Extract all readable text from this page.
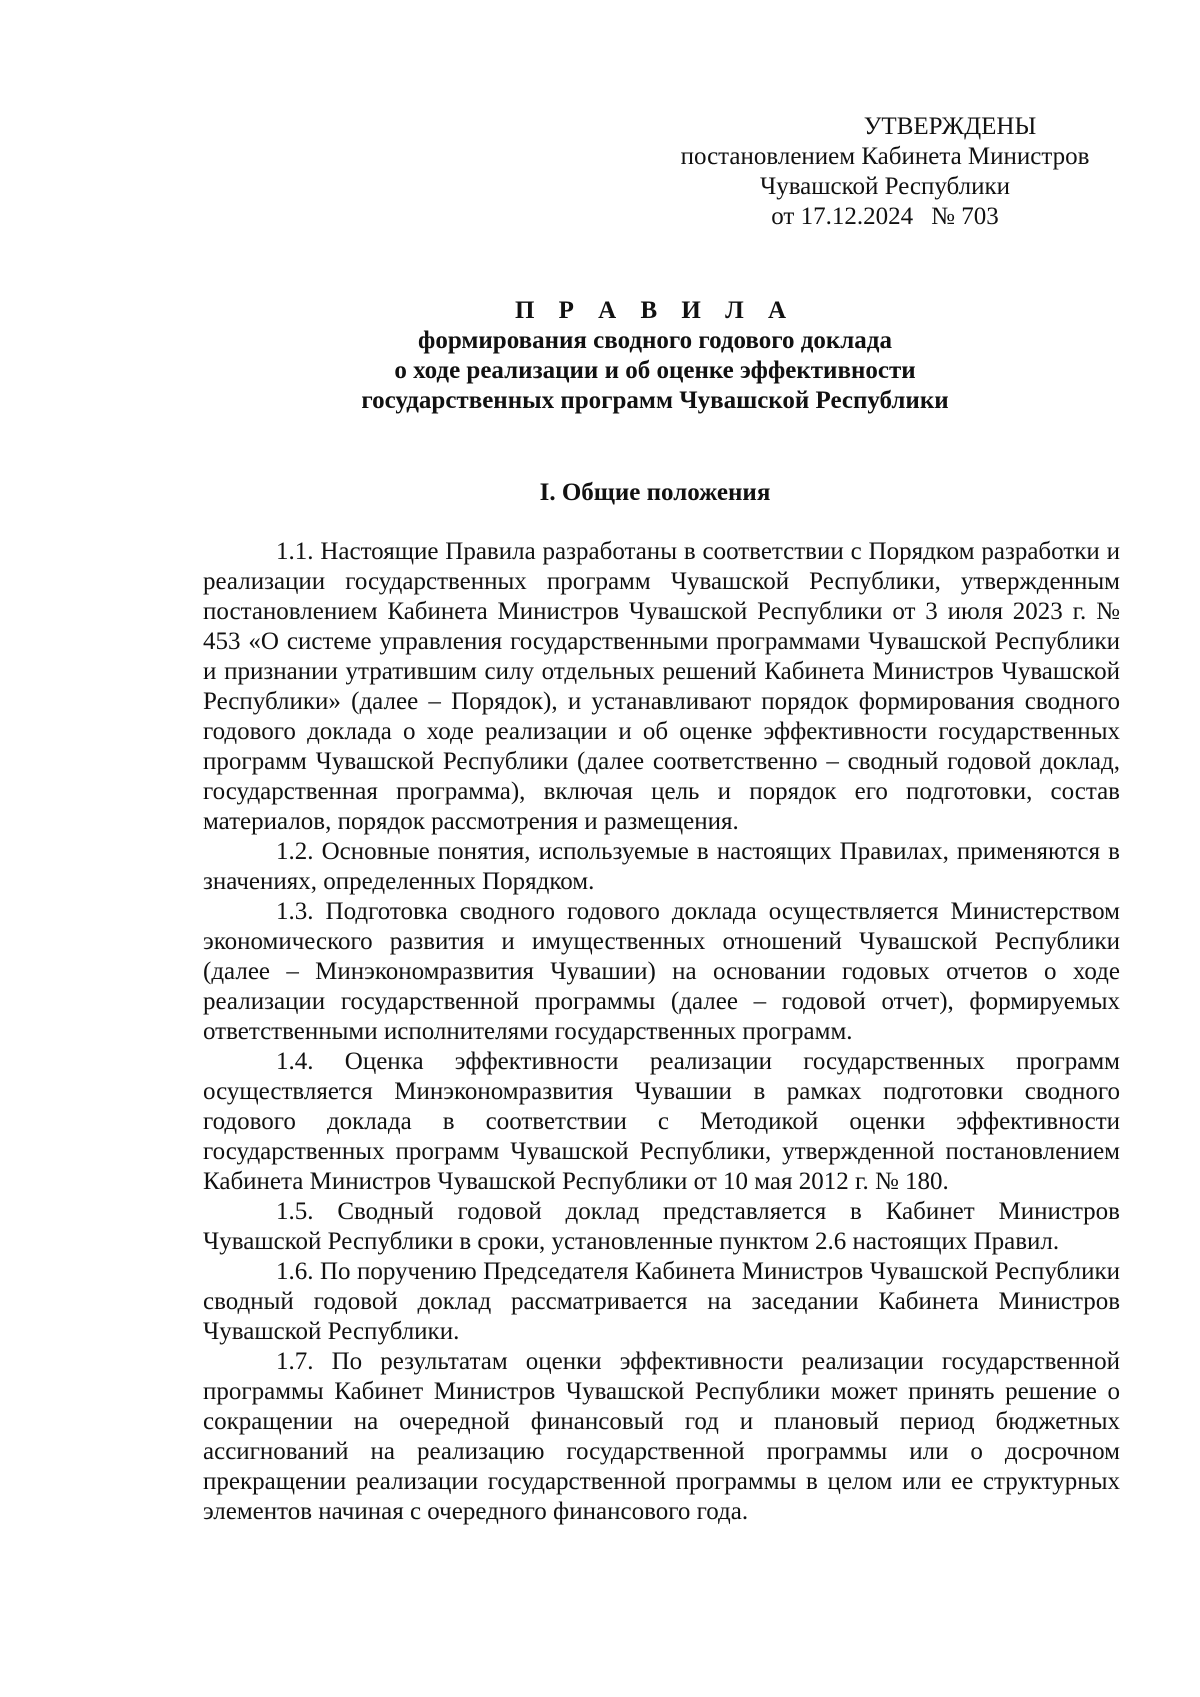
УТВЕРЖДЕНЫ
постановлением Кабинета Министров
Чувашской Республики
от 17.12.2024 № 703
П Р А В И Л А
формирования сводного годового доклада
о ходе реализации и об оценке эффективности
государственных программ Чувашской Республики
I. Общие положения

1.1. Настоящие Правила разработаны в соответствии с Порядком разработки и реализации государственных программ Чувашской Республики, утвержденным постановлением Кабинета Министров Чувашской Республики от 3 июля 2023 г. № 453 «О системе управления государственными программами Чувашской Республики и признании утратившим силу отдельных решений Кабинета Министров Чувашской Республики» (далее – Порядок), и устанавливают порядок формирования сводного годового доклада о ходе реализации и об оценке эффективности государственных программ Чувашской Республики (далее соответственно – сводный годовой доклад, государственная программа), включая цель и порядок его подготовки, состав материалов, порядок рассмотрения и размещения.

1.2. Основные понятия, используемые в настоящих Правилах, применяются в значениях, определенных Порядком.

1.3. Подготовка сводного годового доклада осуществляется Министерством экономического развития и имущественных отношений Чувашской Республики (далее – Минэкономразвития Чувашии) на основании годовых отчетов о ходе реализации государственной программы (далее – годовой отчет), формируемых ответственными исполнителями государственных программ.

1.4. Оценка эффективности реализации государственных программ осуществляется Минэкономразвития Чувашии в рамках подготовки сводного годового доклада в соответствии с Методикой оценки эффективности государственных программ Чувашской Республики, утвержденной постановлением Кабинета Министров Чувашской Республики от 10 мая 2012 г. № 180.

1.5. Сводный годовой доклад представляется в Кабинет Министров Чувашской Республики в сроки, установленные пунктом 2.6 настоящих Правил.

1.6. По поручению Председателя Кабинета Министров Чувашской Республики сводный годовой доклад рассматривается на заседании Кабинета Министров Чувашской Республики.

1.7. По результатам оценки эффективности реализации государственной программы Кабинет Министров Чувашской Республики может принять решение о сокращении на очередной финансовый год и плановый период бюджетных ассигнований на реализацию государственной программы или о досрочном прекращении реализации государственной программы в целом или ее структурных элементов начиная с очередного финансового года.
